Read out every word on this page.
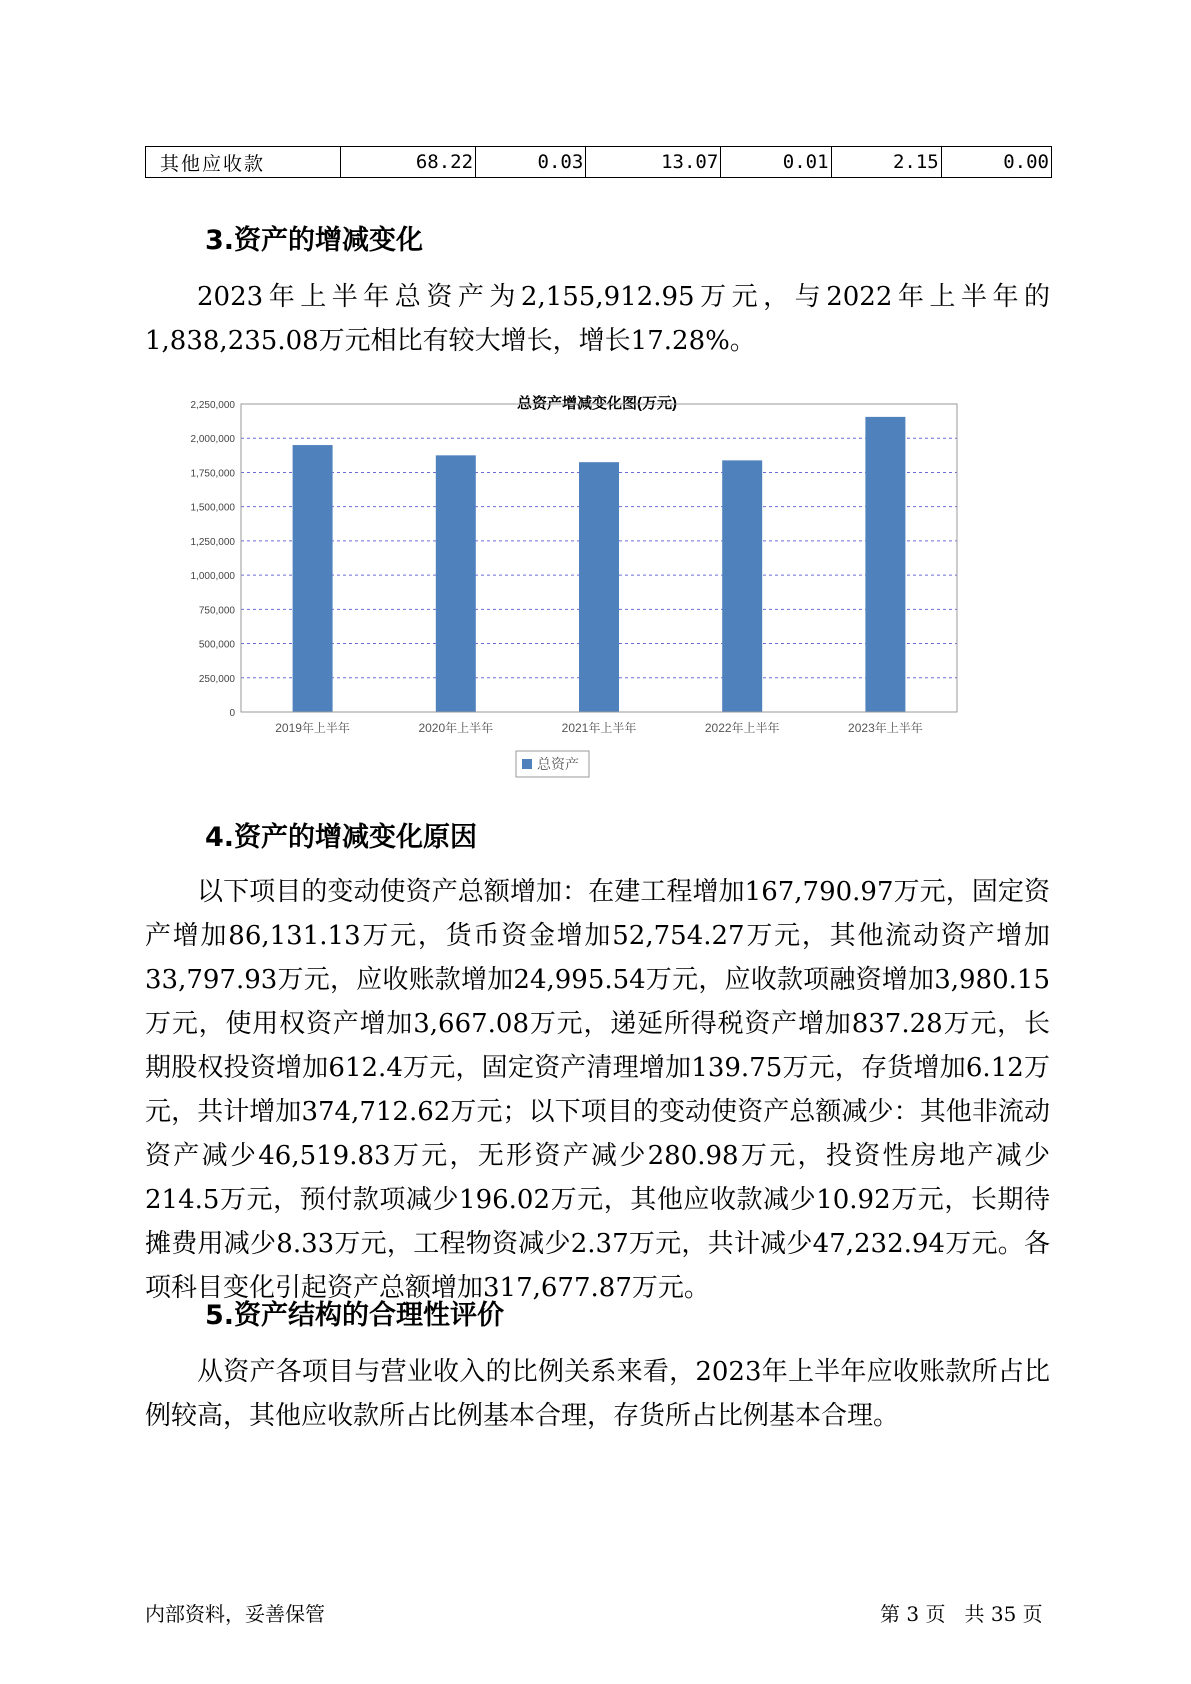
其他应收款	68.22	0.03	13.07	0.01	2.15	0.00
3.资产的增减变化
2023年上半年总资产为2,155,912.95万元，与2022年上半年的1,838,235.08万元相比有较大增长，增长17.28%。
总资产增减变化图(万元)
0
250,000
500,000
750,000
1,000,000
1,250,000
1,500,000
1,750,000
2,000,000
2,250,000
2019年上半年	2020年上半年	2021年上半年	2022年上半年	2023年上半年
总资产
4.资产的增减变化原因
以下项目的变动使资产总额增加：在建工程增加167,790.97万元，固定资产增加86,131.13万元，货币资金增加52,754.27万元，其他流动资产增加33,797.93万元，应收账款增加24,995.54万元，应收款项融资增加3,980.15万元，使用权资产增加3,667.08万元，递延所得税资产增加837.28万元，长期股权投资增加612.4万元，固定资产清理增加139.75万元，存货增加6.12万元，共计增加374,712.62万元；以下项目的变动使资产总额减少：其他非流动资产减少46,519.83万元，无形资产减少280.98万元，投资性房地产减少214.5万元，预付款项减少196.02万元，其他应收款减少10.92万元，长期待摊费用减少8.33万元，工程物资减少2.37万元，共计减少47,232.94万元。各项科目变化引起资产总额增加317,677.87万元。
5.资产结构的合理性评价
从资产各项目与营业收入的比例关系来看，2023年上半年应收账款所占比例较高，其他应收款所占比例基本合理，存货所占比例基本合理。
内部资料，妥善保管	第 3 页   共 35 页
